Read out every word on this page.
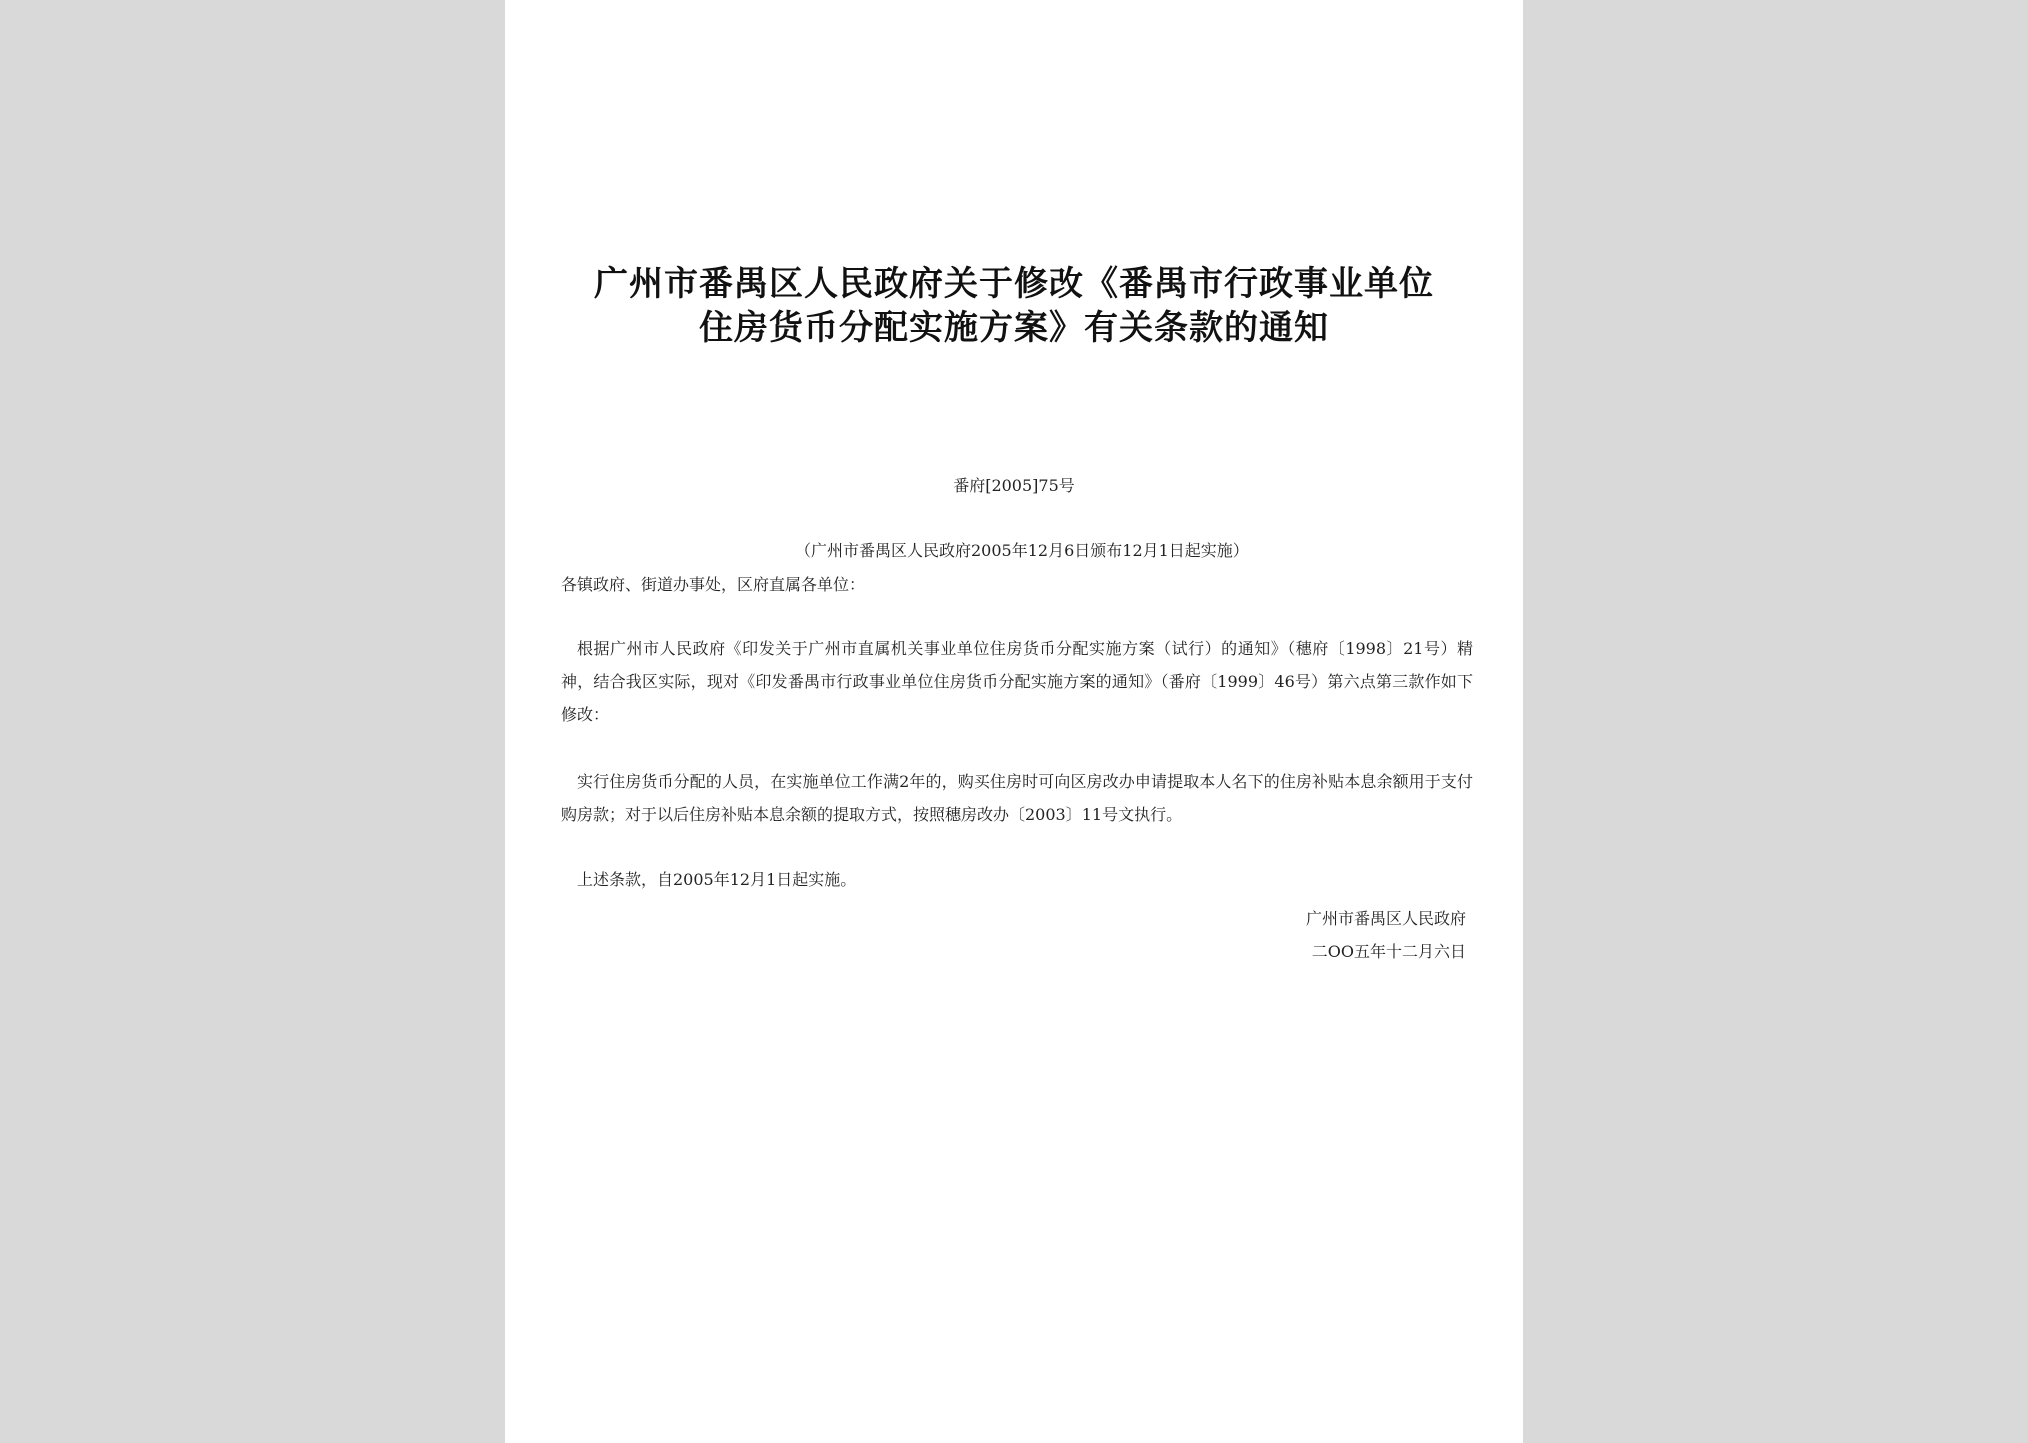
广州市番禺区人民政府关于修改《番禺市行政事业单位
住房货币分配实施方案》有关条款的通知
番府[2005]75号
（广州市番禺区人民政府2005年12月6日颁布12月1日起实施）
各镇政府、街道办事处，区府直属各单位：
根据广州市人民政府《印发关于广州市直属机关事业单位住房货币分配实施方案（试行）的通知》（穗府〔1998〕21号）精神，结合我区实际，现对《印发番禺市行政事业单位住房货币分配实施方案的通知》（番府〔1999〕46号）第六点第三款作如下修改：
实行住房货币分配的人员，在实施单位工作满2年的，购买住房时可向区房改办申请提取本人名下的住房补贴本息余额用于支付购房款；对于以后住房补贴本息余额的提取方式，按照穗房改办〔2003〕11号文执行。
上述条款，自2005年12月1日起实施。
广州市番禺区人民政府
二OO五年十二月六日
